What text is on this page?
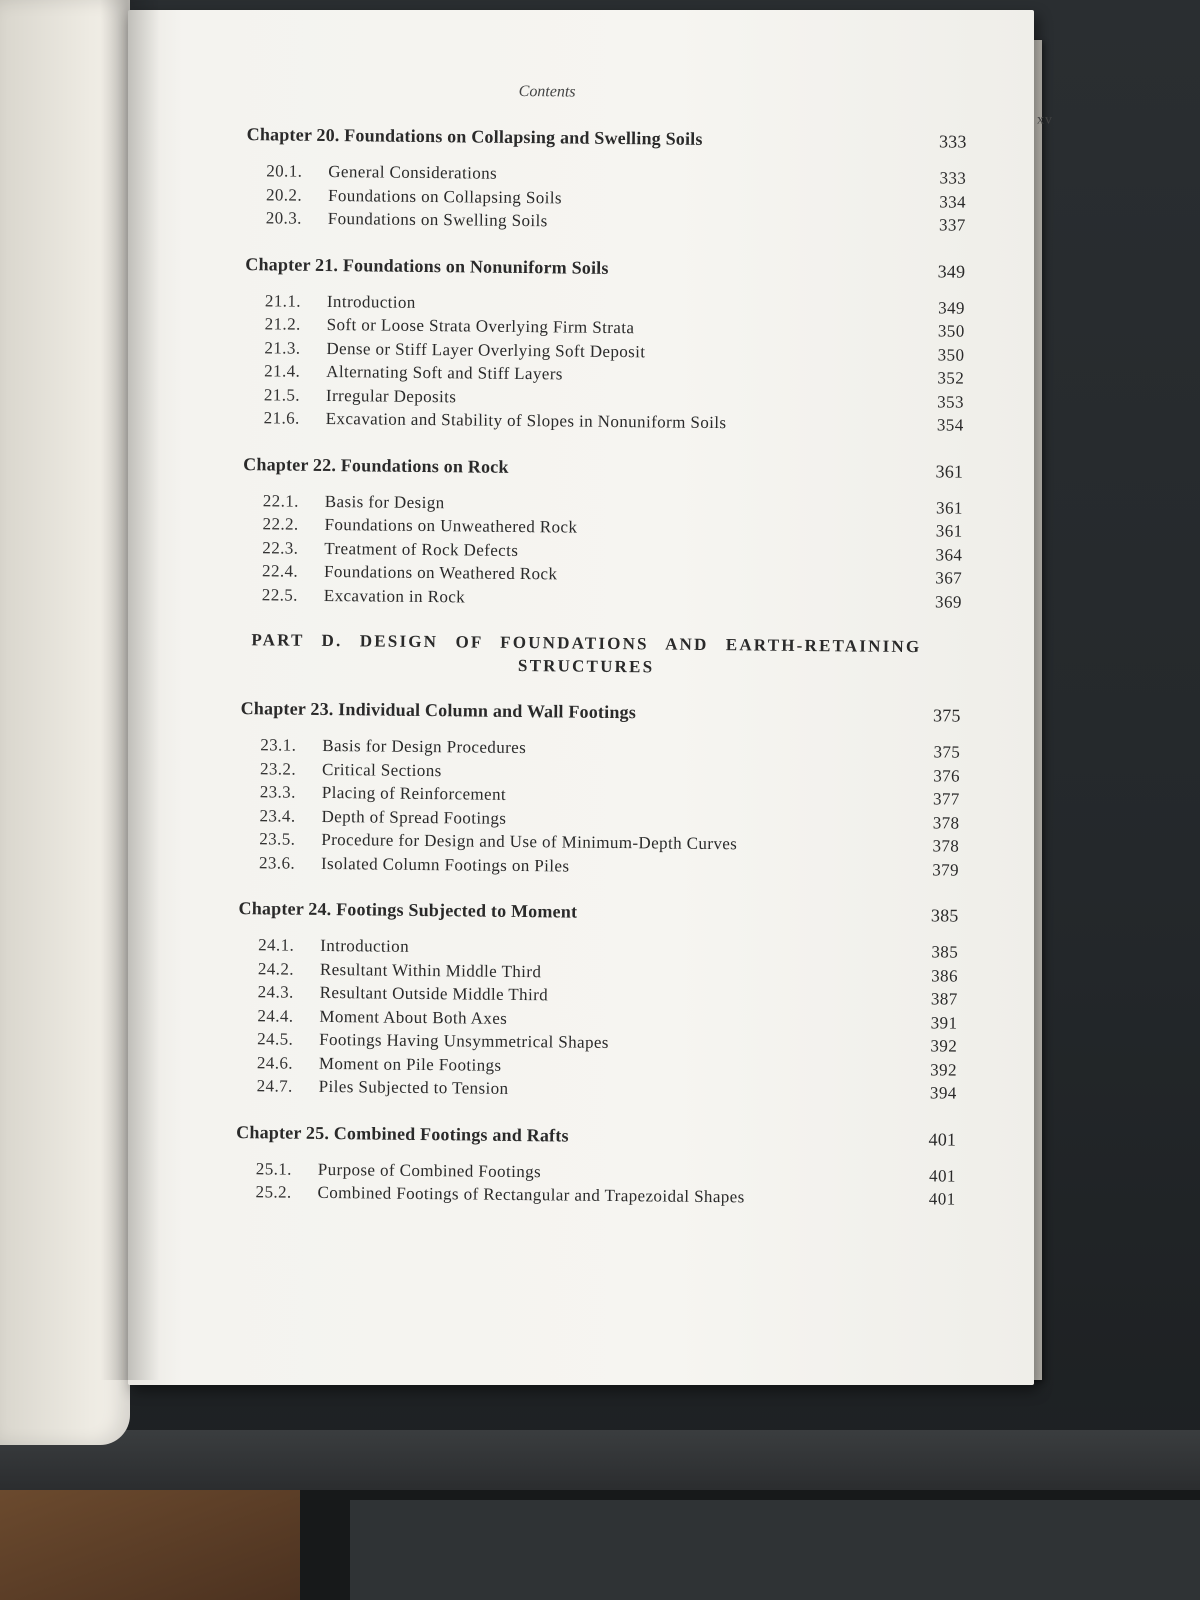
Contents
xv
Chapter 20. Foundations on Collapsing and Swelling Soils	333
20.1.	General Considerations	333
20.2.	Foundations on Collapsing Soils	334
20.3.	Foundations on Swelling Soils	337
Chapter 21. Foundations on Nonuniform Soils	349
21.1.	Introduction	349
21.2.	Soft or Loose Strata Overlying Firm Strata	350
21.3.	Dense or Stiff Layer Overlying Soft Deposit	350
21.4.	Alternating Soft and Stiff Layers	352
21.5.	Irregular Deposits	353
21.6.	Excavation and Stability of Slopes in Nonuniform Soils	354
Chapter 22. Foundations on Rock	361
22.1.	Basis for Design	361
22.2.	Foundations on Unweathered Rock	361
22.3.	Treatment of Rock Defects	364
22.4.	Foundations on Weathered Rock	367
22.5.	Excavation in Rock	369
PART D. DESIGN OF FOUNDATIONS AND EARTH-RETAINING STRUCTURES
Chapter 23. Individual Column and Wall Footings	375
23.1.	Basis for Design Procedures	375
23.2.	Critical Sections	376
23.3.	Placing of Reinforcement	377
23.4.	Depth of Spread Footings	378
23.5.	Procedure for Design and Use of Minimum-Depth Curves	378
23.6.	Isolated Column Footings on Piles	379
Chapter 24. Footings Subjected to Moment	385
24.1.	Introduction	385
24.2.	Resultant Within Middle Third	386
24.3.	Resultant Outside Middle Third	387
24.4.	Moment About Both Axes	391
24.5.	Footings Having Unsymmetrical Shapes	392
24.6.	Moment on Pile Footings	392
24.7.	Piles Subjected to Tension	394
Chapter 25. Combined Footings and Rafts	401
25.1.	Purpose of Combined Footings	401
25.2.	Combined Footings of Rectangular and Trapezoidal Shapes	401
